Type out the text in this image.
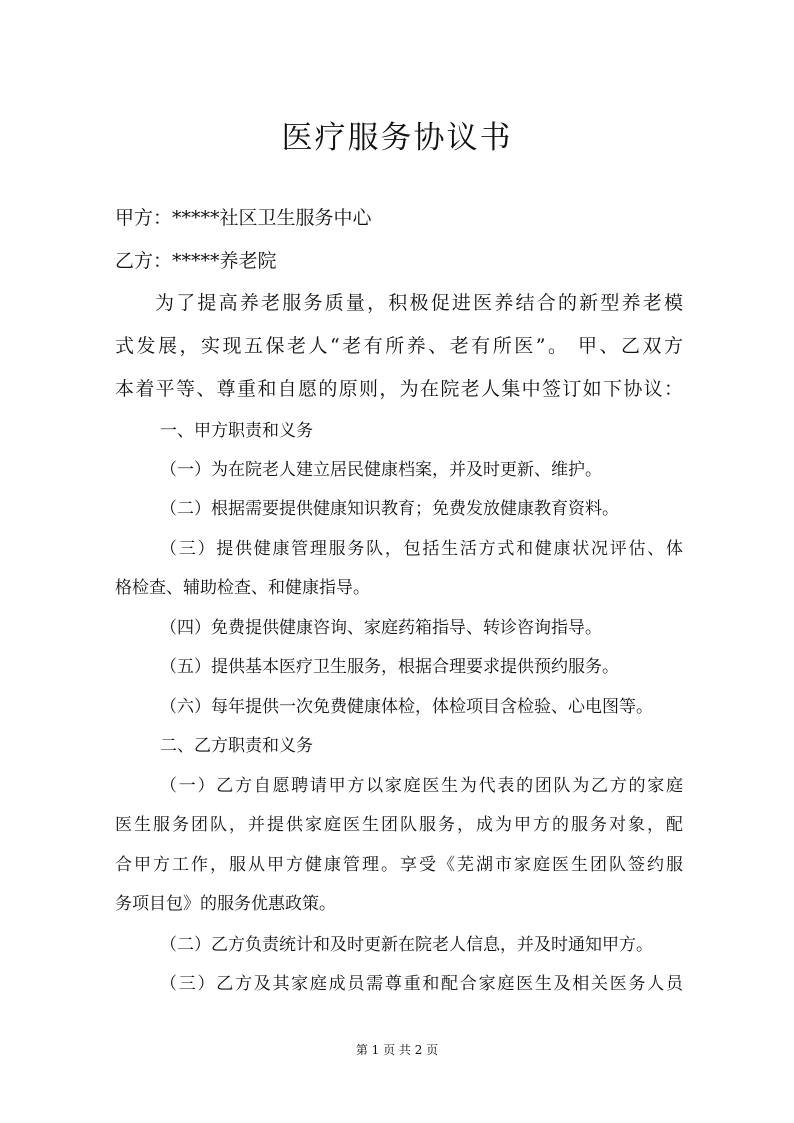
医疗服务协议书
甲方：*****社区卫生服务中心
乙方：*****养老院
为了提高养老服务质量，积极促进医养结合的新型养老模
式发展，实现五保老人“老有所养、老有所医”。 甲、乙双方
本着平等、尊重和自愿的原则，为在院老人集中签订如下协议：
一、甲方职责和义务
（一）为在院老人建立居民健康档案，并及时更新、维护。
（二）根据需要提供健康知识教育；免费发放健康教育资料。
（三）提供健康管理服务队，包括生活方式和健康状况评估、体
格检查、辅助检查、和健康指导。
（四）免费提供健康咨询、家庭药箱指导、转诊咨询指导。
（五）提供基本医疗卫生服务，根据合理要求提供预约服务。
（六）每年提供一次免费健康体检，体检项目含检验、心电图等。
二、乙方职责和义务
（一）乙方自愿聘请甲方以家庭医生为代表的团队为乙方的家庭
医生服务团队，并提供家庭医生团队服务，成为甲方的服务对象，配
合甲方工作，服从甲方健康管理。享受《芜湖市家庭医生团队签约服
务项目包》的服务优惠政策。
（二）乙方负责统计和及时更新在院老人信息，并及时通知甲方。
（三）乙方及其家庭成员需尊重和配合家庭医生及相关医务人员
第 1 页 共 2 页
